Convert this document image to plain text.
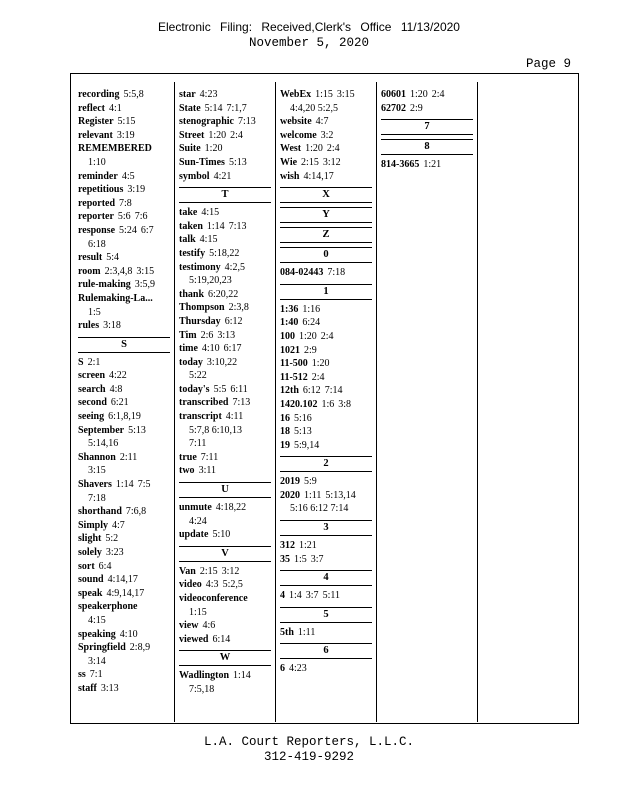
Electronic Filing: Received,Clerk's Office 11/13/2020
November 5, 2020
Page 9
recording 5:5,8
reflect 4:1
Register 5:15
relevant 3:19
REMEMBERED
1:10
reminder 4:5
repetitious 3:19
reported 7:8
reporter 5:6 7:6
response 5:24 6:7
6:18
result 5:4
room 2:3,4,8 3:15
rule-making 3:5,9
Rulemaking-La...
1:5
rules 3:18
S
S 2:1
screen 4:22
search 4:8
second 6:21
seeing 6:1,8,19
September 5:13
5:14,16
Shannon 2:11
3:15
Shavers 1:14 7:5
7:18
shorthand 7:6,8
Simply 4:7
slight 5:2
solely 3:23
sort 6:4
sound 4:14,17
speak 4:9,14,17
speakerphone
4:15
speaking 4:10
Springfield 2:8,9
3:14
ss 7:1
staff 3:13
star 4:23
State 5:14 7:1,7
stenographic 7:13
Street 1:20 2:4
Suite 1:20
Sun-Times 5:13
symbol 4:21
T
take 4:15
taken 1:14 7:13
talk 4:15
testify 5:18,22
testimony 4:2,5
5:19,20,23
thank 6:20,22
Thompson 2:3,8
Thursday 6:12
Tim 2:6 3:13
time 4:10 6:17
today 3:10,22
5:22
today's 5:5 6:11
transcribed 7:13
transcript 4:11
5:7,8 6:10,13
7:11
true 7:11
two 3:11
U
unmute 4:18,22
4:24
update 5:10
V
Van 2:15 3:12
video 4:3 5:2,5
videoconference
1:15
view 4:6
viewed 6:14
W
Wadlington 1:14
7:5,18
WebEx 1:15 3:15
4:4,20 5:2,5
website 4:7
welcome 3:2
West 1:20 2:4
Wie 2:15 3:12
wish 4:14,17
X
Y
Z
0
084-02443 7:18
1
1:36 1:16
1:40 6:24
100 1:20 2:4
1021 2:9
11-500 1:20
11-512 2:4
12th 6:12 7:14
1420.102 1:6 3:8
16 5:16
18 5:13
19 5:9,14
2
2019 5:9
2020 1:11 5:13,14
5:16 6:12 7:14
3
312 1:21
35 1:5 3:7
4
4 1:4 3:7 5:11
5
5th 1:11
6
6 4:23
60601 1:20 2:4
62702 2:9
7
8
814-3665 1:21
L.A. Court Reporters, L.L.C.
312-419-9292
